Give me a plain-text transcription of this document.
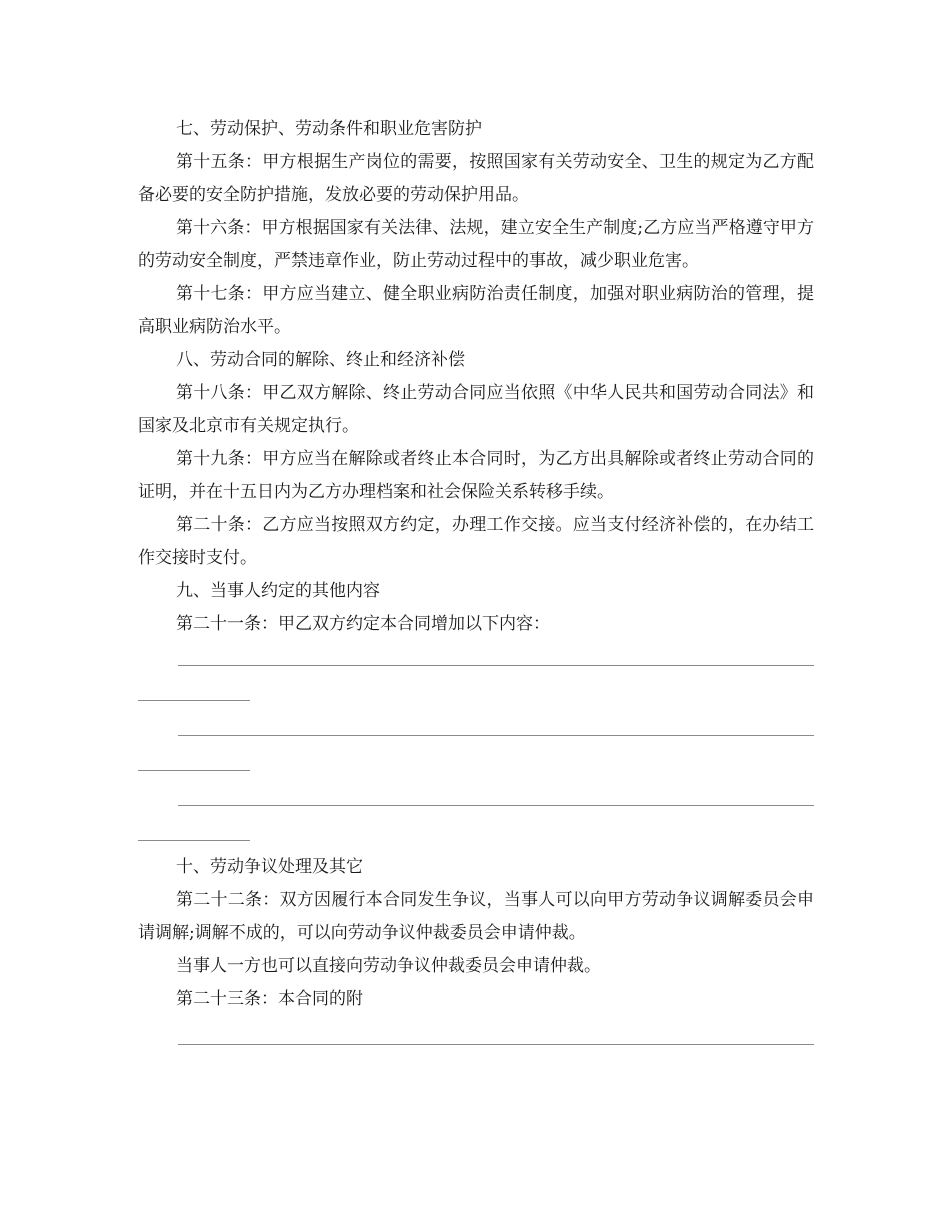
七、劳动保护、劳动条件和职业危害防护

第十五条：甲方根据生产岗位的需要，按照国家有关劳动安全、卫生的规定为乙方配备必要的安全防护措施，发放必要的劳动保护用品。

第十六条：甲方根据国家有关法律、法规，建立安全生产制度;乙方应当严格遵守甲方的劳动安全制度，严禁违章作业，防止劳动过程中的事故，减少职业危害。

第十七条：甲方应当建立、健全职业病防治责任制度，加强对职业病防治的管理，提高职业病防治水平。

八、劳动合同的解除、终止和经济补偿

第十八条：甲乙双方解除、终止劳动合同应当依照《中华人民共和国劳动合同法》和国家及北京市有关规定执行。

第十九条：甲方应当在解除或者终止本合同时，为乙方出具解除或者终止劳动合同的证明，并在十五日内为乙方办理档案和社会保险关系转移手续。

第二十条：乙方应当按照双方约定，办理工作交接。应当支付经济补偿的，在办结工作交接时支付。

九、当事人约定的其他内容

第二十一条：甲乙双方约定本合同增加以下内容：

十、劳动争议处理及其它

第二十二条：双方因履行本合同发生争议，当事人可以向甲方劳动争议调解委员会申请调解;调解不成的，可以向劳动争议仲裁委员会申请仲裁。

当事人一方也可以直接向劳动争议仲裁委员会申请仲裁。

第二十三条：本合同的附
